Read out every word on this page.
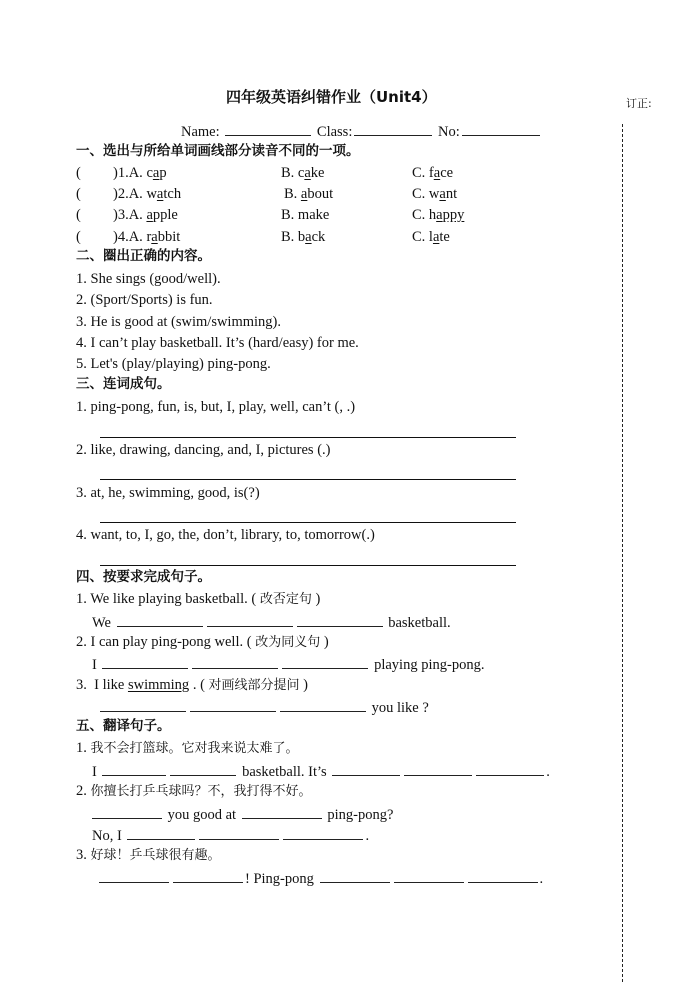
四年级英语纠错作业（Unit4）	订正:
Name:	Class:	No:
一、选出与所给单词画线部分读音不同的一项。
( )1.A. cap	B. cake	C. face
( )2.A. watch	B. about	C. want
( )3.A. apple	B. make	C. happy
( )4.A. rabbit	B. back	C. late
二、圈出正确的内容。
1. She sings (good/well).
2. (Sport/Sports) is fun.
3. He is good at (swim/swimming).
4. I can’t play basketball. It’s (hard/easy) for me.
5. Let's (play/playing) ping-pong.
三、连词成句。
1. ping-pong, fun, is, but, I, play, well, can’t (, .)
2. like, drawing, dancing, and, I, pictures (.)
3. at, he, swimming, good, is(?)
4. want, to, I, go, the, don’t, library, to, tomorrow(.)
四、按要求完成句子。
1. We like playing basketball. ( 改否定句 )
We	basketball.
2. I can play ping-pong well. ( 改为同义句 )
I	playing ping-pong.
3.  I like swimming . ( 对画线部分提问 )
you like ?
五、翻译句子。
1. 我不会打篮球。它对我来说太难了。
I	basketball. It’s	.
2. 你擅长打乒乓球吗？不，我打得不好。
you good at	ping-pong?
No, I	.
3. 好球！乒乓球很有趣。
! Ping-pong	.
